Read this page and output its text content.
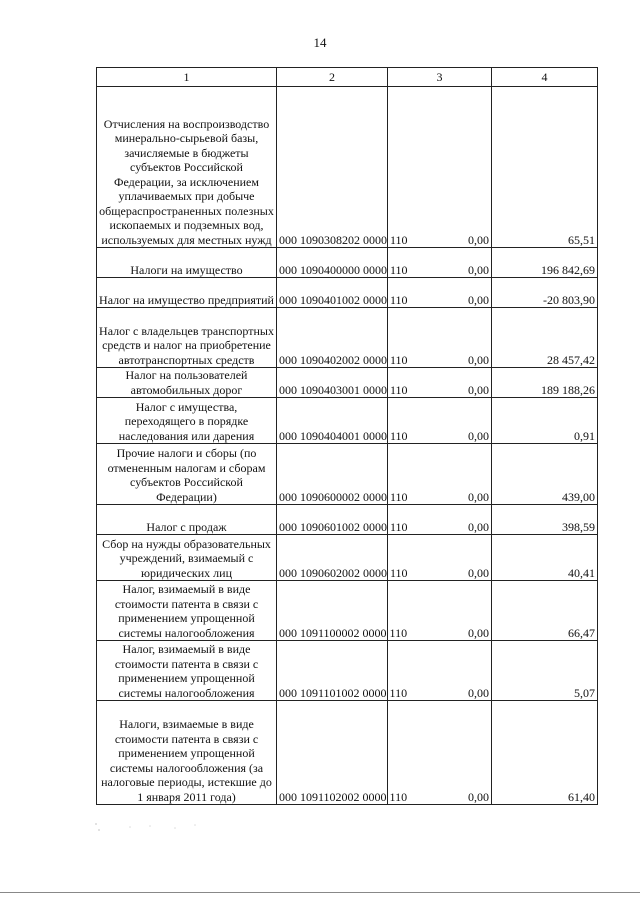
14
1	2	3	4

Отчисления на воспроизводство минерально-сырьевой базы, зачисляемые в бюджеты субъектов Российской Федерации, за исключением уплачиваемых при добыче общераспространенных полезных ископаемых и подземных вод, используемых для местных нужд	000 1090308202 0000 110	0,00	65,51

Налоги на имущество	000 1090400000 0000 110	0,00	196 842,69

Налог на имущество предприятий	000 1090401002 0000 110	0,00	-20 803,90

Налог с владельцев транспортных средств и налог на приобретение автотранспортных средств	000 1090402002 0000 110	0,00	28 457,42

Налог на пользователей автомобильных дорог	000 1090403001 0000 110	0,00	189 188,26

Налог с имущества, переходящего в порядке наследования или дарения	000 1090404001 0000 110	0,00	0,91

Прочие налоги и сборы (по отмененным налогам и сборам субъектов Российской Федерации)	000 1090600002 0000 110	0,00	439,00

Налог с продаж	000 1090601002 0000 110	0,00	398,59

Сбор на нужды образовательных учреждений, взимаемый с юридических лиц	000 1090602002 0000 110	0,00	40,41

Налог, взимаемый в виде стоимости патента в связи с применением упрощенной системы налогообложения	000 1091100002 0000 110	0,00	66,47

Налог, взимаемый в виде стоимости патента в связи с применением упрощенной системы налогообложения	000 1091101002 0000 110	0,00	5,07

Налоги, взимаемые в виде стоимости патента в связи с применением упрощенной системы налогообложения (за налоговые периоды, истекшие до 1 января 2011 года)	000 1091102002 0000 110	0,00	61,40
